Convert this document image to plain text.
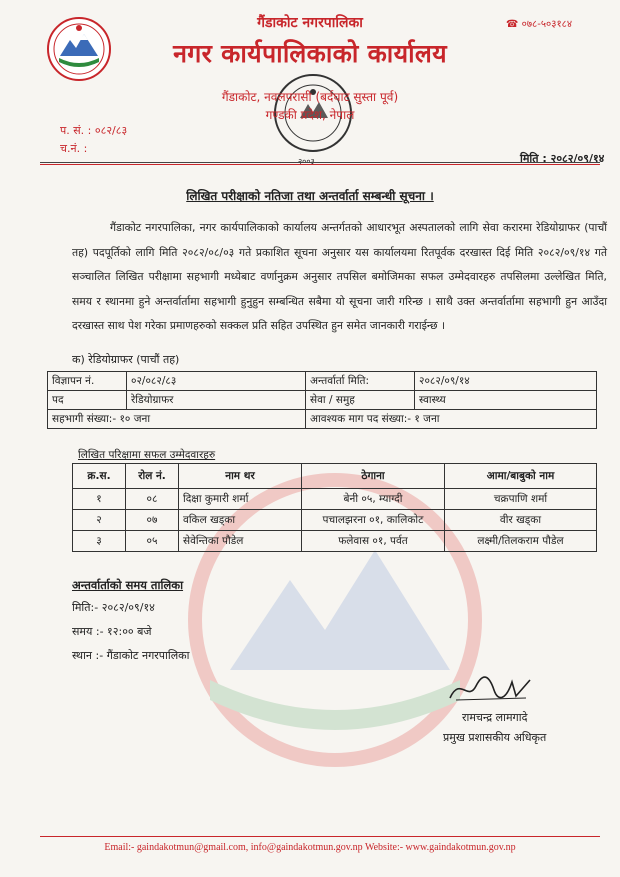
☎ ०७८-५०३१८४
गैंडाकोट नगरपालिका
नगर कार्यपालिकाको कार्यालय
गैंडाकोट, नवलपरासी (बर्दघाट सुस्ता पूर्व)
गण्डकी प्रदेश, नेपाल
प. सं. : ०८२/८३
च.नं. :
२००३	मिति : २०८२/०९/१४
लिखित परीक्षाको नतिजा तथा अन्तर्वार्ता सम्बन्धी सूचना ।

गैंडाकोट नगरपालिका, नगर कार्यपालिकाको कार्यालय अन्तर्गतको आधारभूत अस्पतालको लागि सेवा करारमा रेडियोग्राफर (पाचौं तह) पदपूर्तिको लागि मिति २०८२/०८/०३ गते प्रकाशित सूचना अनुसार यस कार्यालयमा रितपूर्वक दरखास्त दिई मिति २०८२/०९/१४ गते सञ्चालित लिखित परीक्षामा सहभागी मध्येबाट वर्णानुक्रम अनुसार तपसिल बमोजिमका सफल उम्मेदवारहरु तपसिलमा उल्लेखित मिति, समय र स्थानमा हुने अन्तर्वार्तामा सहभागी हुनुहुन सम्बन्धित सबैमा यो सूचना जारी गरिन्छ । साथै उक्त अन्तर्वार्तामा सहभागी हुन आउँदा दरखास्त साथ पेश गरेका प्रमाणहरुको सक्कल प्रति सहित उपस्थित हुन समेत जानकारी गराईन्छ ।

क) रेडियोग्राफर (पाचौं तह)
विज्ञापन नं.	०२/०८२/८३	अन्तर्वार्ता मिति:	२०८२/०९/१४
पद	रेडियोग्राफर	सेवा / समुह	स्वास्थ्य
सहभागी संख्या:- १० जना		आवश्यक माग पद संख्या:- १ जना	
लिखित परिक्षामा सफल उम्मेदवारहरु
क्र.स.	रोल नं.	नाम थर	ठेगाना	आमा/बाबुको नाम
१	०८	दिक्षा कुमारी शर्मा	बेनी ०५, म्याग्दी	चक्रपाणि शर्मा
२	०७	वकिल खड्का	पचालझरना ०१, कालिकोट	वीर खड्का
३	०५	सेवेन्तिका पौडेल	फलेवास ०१, पर्वत	लक्ष्मी/तिलकराम पौडेल
अन्तर्वार्ताको समय तालिका
मिति:- २०८२/०९/१४
समय :- १२:०० बजे
स्थान :- गैंडाकोट नगरपालिका
रामचन्द्र लामगादे
प्रमुख प्रशासकीय अधिकृत
Email:- gaindakotmun@gmail.com, info@gaindakotmun.gov.np Website:- www.gaindakotmun.gov.np
